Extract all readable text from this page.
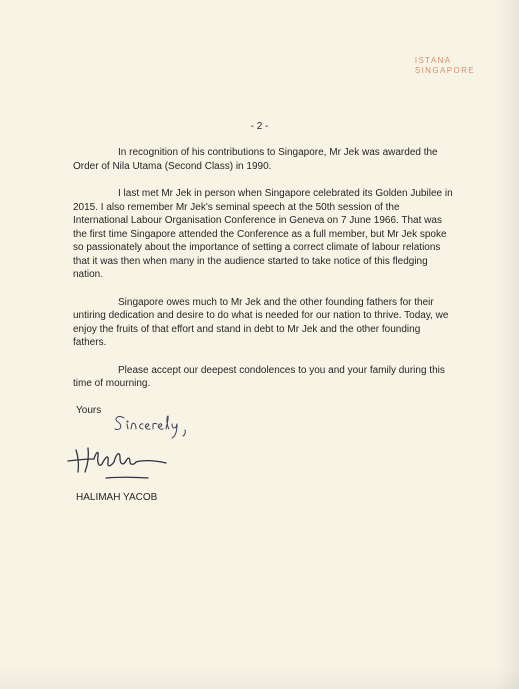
ISTANA
SINGAPORE
- 2 -

In recognition of his contributions to Singapore, Mr Jek was awarded the Order of Nila Utama (Second Class) in 1990.

I last met Mr Jek in person when Singapore celebrated its Golden Jubilee in 2015. I also remember Mr Jek's seminal speech at the 50th session of the International Labour Organisation Conference in Geneva on 7 June 1966. That was the first time Singapore attended the Conference as a full member, but Mr Jek spoke so passionately about the importance of setting a correct climate of labour relations that it was then when many in the audience started to take notice of this fledging nation.

Singapore owes much to Mr Jek and the other founding fathers for their untiring dedication and desire to do what is needed for our nation to thrive. Today, we enjoy the fruits of that effort and stand in debt to Mr Jek and the other founding fathers.

Please accept our deepest condolences to you and your family during this time of mourning.

Yours
HALIMAH YACOB
